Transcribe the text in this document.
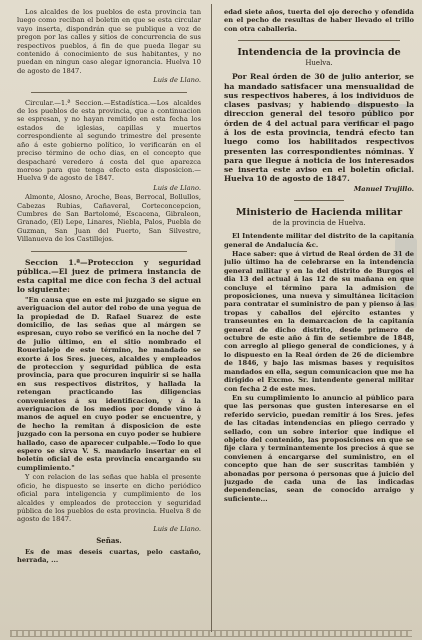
Los alcaldes de los pueblos de esta provincia tan luego como reciban el boletin en que se esta circular vayo inserta, dispondrán que se publique a voz de pregon por las calles y sitios de concurrencia de sus respectivos pueblos, á fin de que pueda llegar su contenido á conocimiento de sus habitantes, y no puedan en ningun caso alegar ignorancia. Huelva 10 de agosto de 1847.

Luis de Llano.

Circular.—1.ª Seccion.—Estadística.—Los alcaldes de los pueblos de esta provincia, que a continuacion se espresan, y no hayan remitido en esta fecha los estados de iglesias, capillas y muertos correspondiente al segundo trimestre del presente año á este gobierno político, lo verificarán en el preciso término de ocho dias, en el concepto que despacharé veredero á costa del que aparezca moroso para que tenga efecto esta disposicion.—Huelva 9 de agosto de 1847.

Luis de Llano.

Almonte, Alosno, Aroche, Beas, Berrocal, Bollullos, Cabezas Rubias, Cañaveral, Corteconcepcion, Cumbres de San Bartolomé, Escacena, Gibraleon, Granado, (El) Lepe, Linares, Niebla, Palos, Puebla de Guzman, San Juan del Puerto, San Silvestre, Villanueva de los Castillejos.

Seccion 1.ª—Proteccion y seguridad pública.—El juez de primera instancia de esta capital me dice con fecha 3 del actual lo siguiente:

"En causa que en este mi juzgado se sigue en averiguacion del autor del robo de una yegua de la propiedad de D. Rafael Suarez de este domicilio, de las señas que al márgen se espresan, cuyo robo se verificó en la noche del 7 de julio último, en el sitio nombrado el Rouerialejo de este término, he mandado se exorte á los Sres. jueces, alcaldes y empleados de proteccion y seguridad pública de esta provincia, para que procuren inquirir si se halla en sus respectivos distritos, y hallada la retengan practicando las diligencias convenientes á su identificacion, y á la averiguacion de los medios por donde vino á manos de aquel en cuyo poder se encuentre, y de hecho la remitan á disposicion de este juzgado con la persona en cuyo poder se hubiere hallado, caso de aparecer culpable.—Todo lo que espero se sirva V. S. mandarlo insertar en el boletín oficial de esta provincia encargando su cumplimiento."

Y con relacion de las señas que habla el presente oficio, he dispuesto se inserte en dicho periódico oficial para inteligencia y cumplimiento de los alcaldes y empleados de proteccion y seguridad pública de los pueblos de esta provincia. Huelva 8 de agosto de 1847.

Luis de Llano.

Señas.

Es de mas deseis cuartas, pelo castaño, herrada, ...

edad siete años, tuerta del ojo derecho y ofendida en el pecho de resultas de haber llevado el trillo con otra caballeria.

Intendencia de la provincia de
Huelva.

Por Real órden de 30 de julio anterior, se ha mandado satisfacer una mensualidad de sus respectivos haberes, á los individuos de clases pasivas; y habiendo dispuesto la direccion general del tesoro público por órden de 4 del actual para verificar el pago á los de esta provincia, tendrá efecto tan luego como los habilitados respectivos presenten las correspondientes nóminas. Y para que llegue á noticia de los interesados se inserta este aviso en el boletín oficial. Huelva 10 de agosto de 1847.

Manuel Trujillo.

Ministerio de Hacienda militar
de la provincia de Huelva.

El Intendente militar del distrito de la capitanía general de Andalucía &c.

Hace saber: que á virtud de Real órden de 31 de julio último ha de celebrarse en la intendencia general militar y en la del distrito de Burgos el dia 13 del actual á las 12 de su mañana en que concluye el término para la admision de proposiciones, una nueva y simultánea licitacion para contratar el suministro de pan y pienso á las tropas y caballos del ejército estantes y transeuntes en la demarcacion de la capitanía general de dicho distrito, desde primero de octubre de este año á fin de setiembre de 1848, con arreglo al pliego general de condiciones, y á lo dispuesto en la Real órden de 26 de diciembre de 1846, y bajo las mismas bases y requisitos mandados en ella, segun comunicacion que me ha dirigido el Excmo. Sr. intendente general militar con fecha 2 de este mes.

En su cumplimiento lo anuncio al público para que las personas que gusten interesarse en el referido servicio, puedan remitir á los Sres. jefes de las citadas intendencias en pliego cerrado y sellado, con un sobre interior que indique el objeto del contenido, las proposiciones en que se fije clara y terminantemente los precios á que se convienen á encargarse del suministro, en el concepto que han de ser suscritas también y abonadas por persona ó personas que á juicio del juzgado de cada una de las indicadas dependencias, sean de conocido arraigo y suficiente...
